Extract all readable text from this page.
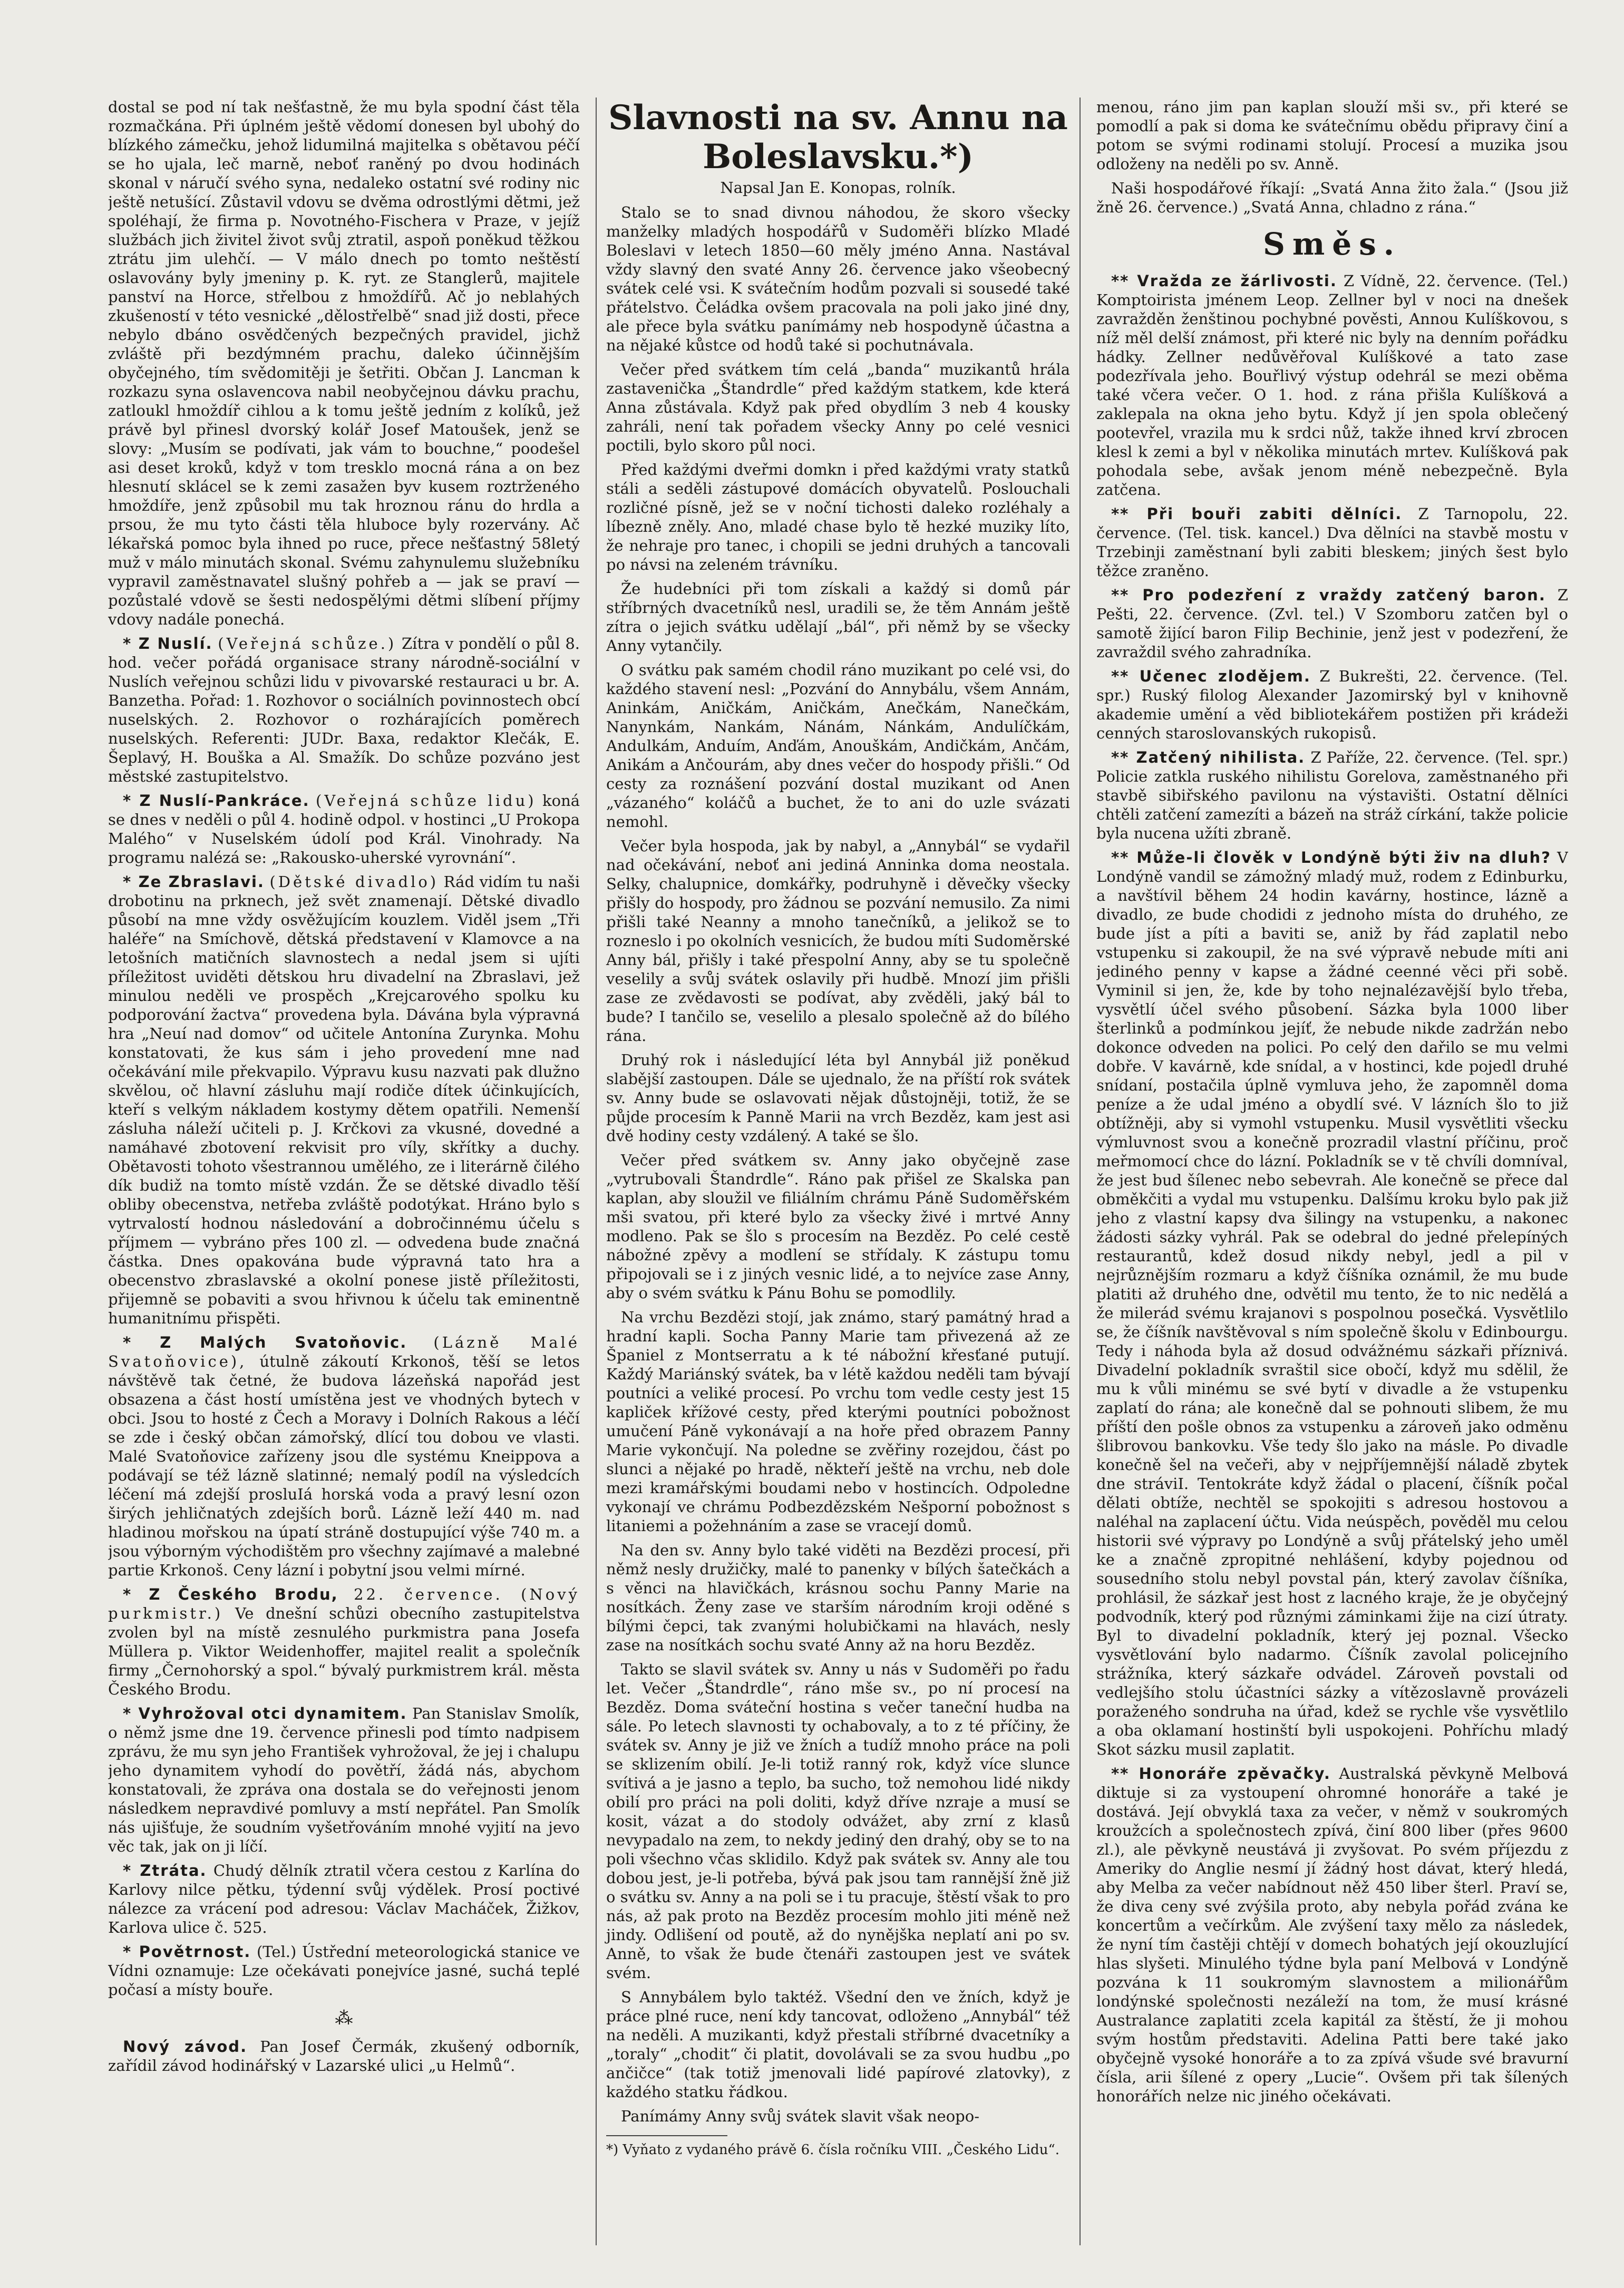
dostal se pod ní tak nešťastně, že mu byla spodní část těla rozmačkána. Při úplném ještě vědomí donesen byl ubohý do blízkého zámečku, jehož lidumilná majitelka s obětavou péčí se ho ujala, leč marně, neboť raněný po dvou hodinách skonal v náručí svého syna, nedaleko ostatní své rodiny nic ještě netušící. Zůstavil vdovu se dvěma odrostlými dětmi, jež spoléhají, že firma p. Novotného-Fischera v Praze, v jejíž službách jich živitel život svůj ztratil, aspoň poněkud těžkou ztrátu jim ulehčí. — V málo dnech po tomto neštěstí oslavovány byly jmeniny p. K. ryt. ze Stanglerů, majitele panství na Horce, střelbou z hmoždířů. Ač jo neblahých zkušeností v této vesnické „dělostřelbě“ snad již dosti, přece nebylo dbáno osvědčených bezpečných pravidel, jichž zvláště při bezdýmném prachu, daleko účinnějším obyčejného, tím svědomitěji je šetřiti. Občan J. Lancman k rozkazu syna oslavencova nabil neobyčejnou dávku prachu, zatloukl hmoždíř cihlou a k tomu ještě jedním z kolíků, jež právě byl přinesl dvorský kolář Josef Matoušek, jenž se slovy: „Musím se podívati, jak vám to bouchne,“ poodešel asi deset kroků, když v tom tresklo mocná rána a on bez hlesnutí sklácel se k zemi zasažen byv kusem roztrženého hmoždíře, jenž způsobil mu tak hroznou ránu do hrdla a prsou, že mu tyto části těla hluboce byly rozervány. Ač lékařská pomoc byla ihned po ruce, přece nešťastný 58letý muž v málo minutách skonal. Svému zahynulemu služebníku vypravil zaměstnavatel slušný pohřeb a — jak se praví — pozůstalé vdově se šesti nedospělými dětmi slíbení příjmy vdovy nadále ponechá.

* Z Nuslí. (Veřejná schůze.) Zítra v pondělí o půl 8. hod. večer pořádá organisace strany národně-sociální v Nuslích veřejnou schůzi lidu v pivovarské restauraci u br. A. Banzetha. Pořad: 1. Rozhovor o sociálních povinnostech obcí nuselských. 2. Rozhovor o rozhárajících poměrech nuselských. Referenti: JUDr. Baxa, redaktor Klečák, E. Šeplavý, H. Bouška a Al. Smažík. Do schůze pozváno jest městské zastupitelstvo.

* Z Nuslí-Pankráce. (Veřejná schůze lidu) koná se dnes v neděli o půl 4. hodině odpol. v hostinci „U Prokopa Malého“ v Nuselském údolí pod Král. Vinohrady. Na programu nalézá se: „Rakousko-uherské vyrovnání“.

* Ze Zbraslavi. (Dětské divadlo) Rád vidím tu naši drobotinu na prknech, jež svět znamenají. Dětské divadlo působí na mne vždy osvěžujícím kouzlem. Viděl jsem „Tři haléře“ na Smíchově, dětská představení v Klamovce a na letošních matičních slavnostech a nedal jsem si ujíti příležitost uviděti dětskou hru divadelní na Zbraslavi, jež minulou neděli ve prospěch „Krejcarového spolku ku podporování žactva“ provedena byla. Dávána byla výpravná hra „Neuí nad domov“ od učitele Antonína Zurynka. Mohu konstatovati, že kus sám i jeho provedení mne nad očekávání mile překvapilo. Výpravu kusu nazvati pak dlužno skvělou, oč hlavní zásluhu mají rodiče dítek účinkujících, kteří s velkým nákladem kostymy dětem opatřili. Nemenší zásluha náleží učiteli p. J. Krčkovi za vkusné, dovedné a namáhavé zbotovení rekvisit pro víly, skřítky a duchy. Obětavosti tohoto všestrannou umělého, ze i literárně čilého dík budiž na tomto místě vzdán. Že se dětské divadlo těší obliby obecenstva, netřeba zvláště podotýkat. Hráno bylo s vytrvalostí hodnou následování a dobročinnému účelu s příjmem — vybráno přes 100 zl. — odvedena bude značná částka. Dnes opakována bude výpravná tato hra a obecenstvo zbraslavské a okolní ponese jistě příležitosti, přijemně se pobaviti a svou hřivnou k účelu tak eminentně humanitnímu přispěti.

* Z Malých Svatoňovic. (Lázně Malé Svatoňovice), útulně zákoutí Krkonoš, těší se letos návštěvě tak četné, že budova lázeňská napořád jest obsazena a část hostí umístěna jest ve vhodných bytech v obci. Jsou to hosté z Čech a Moravy i Dolních Rakous a léčí se zde i český občan zámořský, dlící tou dobou ve vlasti. Malé Svatoňovice zařízeny jsou dle systému Kneippova a podávají se též lázně slatinné; nemalý podíl na výsledcích léčení má zdejší prosluIá horská voda a pravý lesní ozon širých jehličnatých zdejších borů. Lázně leží 440 m. nad hladinou mořskou na úpatí stráně dostupující výše 740 m. a jsou výborným východištěm pro všechny zajímavé a malebné partie Krkonoš. Ceny lázní i pobytní jsou velmi mírné.

* Z Českého Brodu, 22. července. (Nový purkmistr.) Ve dnešní schůzi obecního zastupitelstva zvolen byl na místě zesnulého purkmistra pana Josefa Müllera p. Viktor Weidenhoffer, majitel realit a společník firmy „Černohorský a spol.“ bývalý purkmistrem král. města Českého Brodu.

* Vyhrožoval otci dynamitem. Pan Stanislav Smolík, o němž jsme dne 19. července přinesli pod tímto nadpisem zprávu, že mu syn jeho František vyhrožoval, že jej i chalupu jeho dynamitem vyhodí do povětří, žádá nás, abychom konstatovali, že zpráva ona dostala se do veřejnosti jenom následkem nepravdivé pomluvy a mstí nepřátel. Pan Smolík nás ujišťuje, že soudním vyšetřováním mnohé vyjití na jevo věc tak, jak on ji líčí.

* Ztráta. Chudý dělník ztratil včera cestou z Karlína do Karlovy nilce pětku, týdenní svůj výdělek. Prosí poctivé nálezce za vrácení pod adresou: Václav Macháček, Žižkov, Karlova ulice č. 525.

* Povětrnost. (Tel.) Ústřední meteorologická stanice ve Vídni oznamuje: Lze očekávati ponejvíce jasné, suchá teplé počasí a místy bouře.

⁂

Nový závod. Pan Josef Čermák, zkušený odborník, zařídil závod hodinářský v Lazarské ulici „u Helmů“.

Slavnosti na sv. Annu na Boleslavsku.*)
Napsal Jan E. Konopas, rolník.

Stalo se to snad divnou náhodou, že skoro všecky manželky mladých hospodářů v Sudoměři blízko Mladé Boleslavi v letech 1850—60 měly jméno Anna. Nastával vždy slavný den svaté Anny 26. července jako všeobecný svátek celé vsi. K svátečním hodům pozvali si sousedé také přátelstvo. Čeládka ovšem pracovala na poli jako jiné dny, ale přece byla svátku panímámy neb hospodyně účastna a na nějaké kůstce od hodů také si pochutnávala.

Večer před svátkem tím celá „banda“ muzikantů hrála zastavenička „Štandrdle“ před každým statkem, kde která Anna zůstávala. Když pak před obydlím 3 neb 4 kousky zahráli, není tak pořadem všecky Anny po celé vesnici poctili, bylo skoro půl noci.

Před každými dveřmi domkn i před každými vraty statků stáli a seděli zástupové domácích obyvatelů. Poslouchali rozličné písně, jež se v noční tichosti daleko rozléhaly a líbezně zněly. Ano, mladé chase bylo tě hezké muziky líto, že nehraje pro tanec, i chopili se jedni druhých a tancovali po návsi na zeleném trávníku.

Že hudebníci při tom získali a každý si domů pár stříbrných dvacetníků nesl, uradili se, že těm Annám ještě zítra o jejich svátku udělají „bál“, při němž by se všecky Anny vytančily.

O svátku pak samém chodil ráno muzikant po celé vsi, do každého stavení nesl: „Pozvání do Annybálu, všem Annám, Aninkám, Aničkám, Aničkám, Anečkám, Nanečkám, Nanynkám, Nankám, Nánám, Nánkám, Andulíčkám, Andulkám, Anduím, Anďám, Anouškám, Andičkám, Ančám, Anikám a Ančourám, aby dnes večer do hospody přišli.“ Od cesty za roznášení pozvání dostal muzikant od Anen „vázaného“ koláčů a buchet, že to ani do uzle svázati nemohl.

Večer byla hospoda, jak by nabyl, a „Annybál“ se vydařil nad očekávání, neboť ani jediná Anninka doma neostala. Selky, chalupnice, domkářky, podruhyně i děvečky všecky přišly do hospody, pro žádnou se pozvání nemusilo. Za nimi přišli také Neanny a mnoho tanečníků, a jelikož se to rozneslo i po okolních vesnicích, že budou míti Sudoměrské Anny bál, přišly i také přespolní Anny, aby se tu společně veselily a svůj svátek oslavily při hudbě. Mnozí jim přišli zase ze zvědavosti se podívat, aby zvěděli, jaký bál to bude? I tančilo se, veselilo a plesalo společně až do bílého rána.

Druhý rok i následující léta byl Annybál již poněkud slabější zastoupen. Dále se ujednalo, že na příští rok svátek sv. Anny bude se oslavovati nějak důstojněji, totiž, že se půjde procesím k Panně Marii na vrch Bezděz, kam jest asi dvě hodiny cesty vzdálený. A také se šlo.

Večer před svátkem sv. Anny jako obyčejně zase „vytrubovali Štandrdle“. Ráno pak přišel ze Skalska pan kaplan, aby sloužil ve filiálním chrámu Páně Sudoměřském mši svatou, při které bylo za všecky živé i mrtvé Anny modleno. Pak se šlo s procesím na Bezděz. Po celé cestě nábožné zpěvy a modlení se střídaly. K zástupu tomu připojovali se i z jiných vesnic lidé, a to nejvíce zase Anny, aby o svém svátku k Pánu Bohu se pomodlily.

Na vrchu Bezdězi stojí, jak známo, starý památný hrad a hradní kapli. Socha Panny Marie tam přivezená až ze Španiel z Montserratu a k té nábožní křesťané putují. Každý Mariánský svátek, ba v létě každou neděli tam bývají poutníci a veliké procesí. Po vrchu tom vedle cesty jest 15 kapliček křížové cesty, před kterými poutníci pobožnost umučení Páně vykonávají a na hoře před obrazem Panny Marie vykončují. Na poledne se zvěřiny rozejdou, část po slunci a nějaké po hradě, někteří ještě na vrchu, neb dole mezi kramářskými boudami nebo v hostincích. Odpoledne vykonají ve chrámu Podbezdězském Nešporní pobožnost s litaniemi a požehnáním a zase se vracejí domů.

Na den sv. Anny bylo také viděti na Bezdězi procesí, při němž nesly družičky, malé to panenky v bílých šatečkách a s věnci na hlavičkách, krásnou sochu Panny Marie na nosítkách. Ženy zase ve starším národním kroji oděné s bílými čepci, tak zvanými holubičkami na hlavách, nesly zase na nosítkách sochu svaté Anny až na horu Bezděz.

Takto se slavil svátek sv. Anny u nás v Sudoměři po řadu let. Večer „Štandrdle“, ráno mše sv., po ní procesí na Bezděz. Doma sváteční hostina s večer taneční hudba na sále. Po letech slavnosti ty ochabovaly, a to z té příčiny, že svátek sv. Anny je již ve žních a tudíž mnoho práce na poli se sklizením obilí. Je-li totiž ranný rok, když více slunce svítivá a je jasno a teplo, ba sucho, tož nemohou lidé nikdy obilí pro práci na poli doliti, když dříve nzraje a musí se kosit, vázat a do stodoly odvážet, aby zrní z klasů nevypadalo na zem, to nekdy jediný den drahý, oby se to na poli všechno včas sklidilo. Když pak svátek sv. Anny ale tou dobou jest, je-li potřeba, bývá pak jsou tam rannější žně již o svátku sv. Anny a na poli se i tu pracuje, štěstí však to pro nás, až pak proto na Bezděz procesím mohlo jiti méně než jindy. Odlišení od poutě, až do nynějška neplatí ani po sv. Anně, to však že bude čtenáři zastoupen jest ve svátek svém.

S Annybálem bylo taktéž. Všední den ve žních, když je práce plné ruce, není kdy tancovat, odloženo „Annybál“ též na neděli. A muzikanti, když přestali stříbrné dvacetníky a „toraly“ „chodit“ či platit, dovolávali se za svou hudbu „po ančičce“ (tak totiž jmenovali lidé papírové zlatovky), z každého statku řádkou.

Panímámy Anny svůj svátek slavit však neopo-

*) Vyňato z vydaného právě 6. čísla ročníku VIII. „Českého Lidu“.

menou, ráno jim pan kaplan slouží mši sv., při které se pomodlí a pak si doma ke svátečnímu obědu připravy činí a potom se svými rodinami stolují. Procesí a muzika jsou odloženy na neděli po sv. Anně.

Naši hospodářové říkají: „Svatá Anna žito žala.“ (Jsou již žně 26. července.) „Svatá Anna, chladno z rána.“

Směs.

** Vražda ze žárlivosti. Z Vídně, 22. července. (Tel.) Komptoirista jménem Leop. Zellner byl v noci na dnešek zavražděn ženštinou pochybné pověsti, Annou Kulíškovou, s níž měl delší známost, při které nic byly na denním pořádku hádky. Zellner nedůvěřoval Kulíškové a tato zase podezřívala jeho. Bouřlivý výstup odehrál se mezi oběma také včera večer. O 1. hod. z rána přišla Kulíšková a zaklepala na okna jeho bytu. Když jí jen spola oblečený pootevřel, vrazila mu k srdci nůž, takže ihned krví zbrocen klesl k zemi a byl v několika minutách mrtev. Kulíšková pak pohodala sebe, avšak jenom méně nebezpečně. Byla zatčena.

** Při bouři zabiti dělníci. Z Tarnopolu, 22. července. (Tel. tisk. kancel.) Dva dělníci na stavbě mostu v Trzebinji zaměstnaní byli zabiti bleskem; jiných šest bylo těžce zraněno.

** Pro podezření z vraždy zatčený baron. Z Pešti, 22. července. (Zvl. tel.) V Szomboru zatčen byl o samotě žijící baron Filip Bechinie, jenž jest v podezření, že zavraždil svého zahradníka.

** Učenec zlodějem. Z Bukrešti, 22. července. (Tel. spr.) Ruský filolog Alexander Jazomirský byl v knihovně akademie umění a věd bibliotekářem postižen při krádeži cenných staroslovanských rukopisů.

** Zatčený nihilista. Z Paříže, 22. července. (Tel. spr.) Policie zatkla ruského nihilistu Gorelova, zaměstnaného při stavbě sibiřského pavilonu na výstavišti. Ostatní dělníci chtěli zatčení zamezíti a bázeň na stráž církání, takže policie byla nucena užíti zbraně.

** Může-li člověk v Londýně býti živ na dluh? V Londýně vandil se zámožný mladý muž, rodem z Edinburku, a navštívil během 24 hodin kavárny, hostince, lázně a divadlo, ze bude chodidi z jednoho místa do druhého, ze bude jíst a píti a baviti se, aniž by řád zaplatil nebo vstupenku si zakoupil, že na své výpravě nebude míti ani jediného penny v kapse a žádné ceenné věci při sobě. Vyminil si jen, že, kde by toho nejnalézavější bylo třeba, vysvětlí účel svého působení. Sázka byla 1000 liber šterlinků a podmínkou jejíť, že nebude nikde zadržán nebo dokonce odveden na polici. Po celý den dařilo se mu velmi dobře. V kavárně, kde snídal, a v hostinci, kde pojedl druhé snídaní, postačila úplně vymluva jeho, že zapomněl doma peníze a že udal jméno a obydlí své. V lázních šlo to již obtížněji, aby si vymohl vstupenku. Musil vysvětliti všecku výmluvnost svou a konečně prozradil vlastní příčinu, proč meřmomocí chce do lázní. Pokladník se v tě chvíli domníval, že jest bud šílenec nebo sebevrah. Ale konečně se přece dal obměkčiti a vydal mu vstupenku. Dalšímu kroku bylo pak již jeho z vlastní kapsy dva šilingy na vstupenku, a nakonec žádosti sázky vyhrál. Pak se odebral do jedné přelepíných restaurantů, kdež dosud nikdy nebyl, jedl a pil v nejrůznějším rozmaru a když číšníka oznámil, že mu bude platiti až druhého dne, odvětil mu tento, že to nic nedělá a že milerád svému krajanovi s pospolnou posečká. Vysvětlilo se, že číšník navštěvoval s ním společně školu v Edinbourgu. Tedy i náhoda byla až dosud odvážnému sázkaři příznivá. Divadelní pokladník svraštil sice obočí, když mu sdělil, že mu k vůli minému se své bytí v divadle a že vstupenku zaplatí do rána; ale konečně dal se pohnouti slibem, že mu příští den pošle obnos za vstupenku a zároveň jako odměnu šlibrovou bankovku. Vše tedy šlo jako na másle. Po divadle konečně šel na večeři, aby v nejpříjemnější náladě zbytek dne stráviI. Tentokráte když žádal o placení, číšník počal dělati obtíže, nechtěl se spokojiti s adresou hostovou a naléhal na zaplacení účtu. Vida neúspěch, pověděl mu celou historii své výpravy po Londýně a svůj přátelský jeho uměl ke a značně zpropitné nehlášení, kdyby pojednou od sousedního stolu nebyl povstal pán, který zavolav číšníka, prohlásil, že sázkař jest host z lacného kraje, že je obyčejný podvodník, který pod různými záminkami žije na cizí útraty. Byl to divadelní pokladník, který jej poznal. Všecko vysvětlování bylo nadarmo. Číšník zavolal policejního strážníka, který sázkaře odvádel. Zároveň povstali od vedlejšího stolu účastníci sázky a vítězoslavně provázeli poraženého sondruha na úřad, kdež se rychle vše vysvětlilo a oba oklamaní hostinští byli uspokojeni. Pohříchu mladý Skot sázku musil zaplatit.

** Honoráře zpěvačky. Australská pěvkyně Melbová diktuje si za vystoupení ohromné honoráře a také je dostává. Její obvyklá taxa za večer, v němž v soukromých kroužcích a společnostech zpívá, činí 800 liber (přes 9600 zl.), ale pěvkyně neustává ji zvyšovat. Po svém příjezdu z Ameriky do Anglie nesmí jí žádný host dávat, který hledá, aby Melba za večer nabídnout něž 450 liber šterl. Praví se, že diva ceny své zvýšila proto, aby nebyla pořád zvána ke koncertům a večírkům. Ale zvýšení taxy mělo za následek, že nyní tím častěji chtějí v domech bohatých její okouzlující hlas slyšeti. Minulého týdne byla paní Melbová v Londýně pozvána k 11 soukromým slavnostem a milionářům londýnské společnosti nezáleží na tom, že musí krásné Australance zaplatiti zcela kapitál za štěstí, že ji mohou svým hostům představiti. Adelina Patti bere také jako obyčejně vysoké honoráře a to za zpívá všude své bravurní čísla, arii šílené z opery „Lucie“. Ovšem při tak šílených honorářích nelze nic jiného očekávati.
